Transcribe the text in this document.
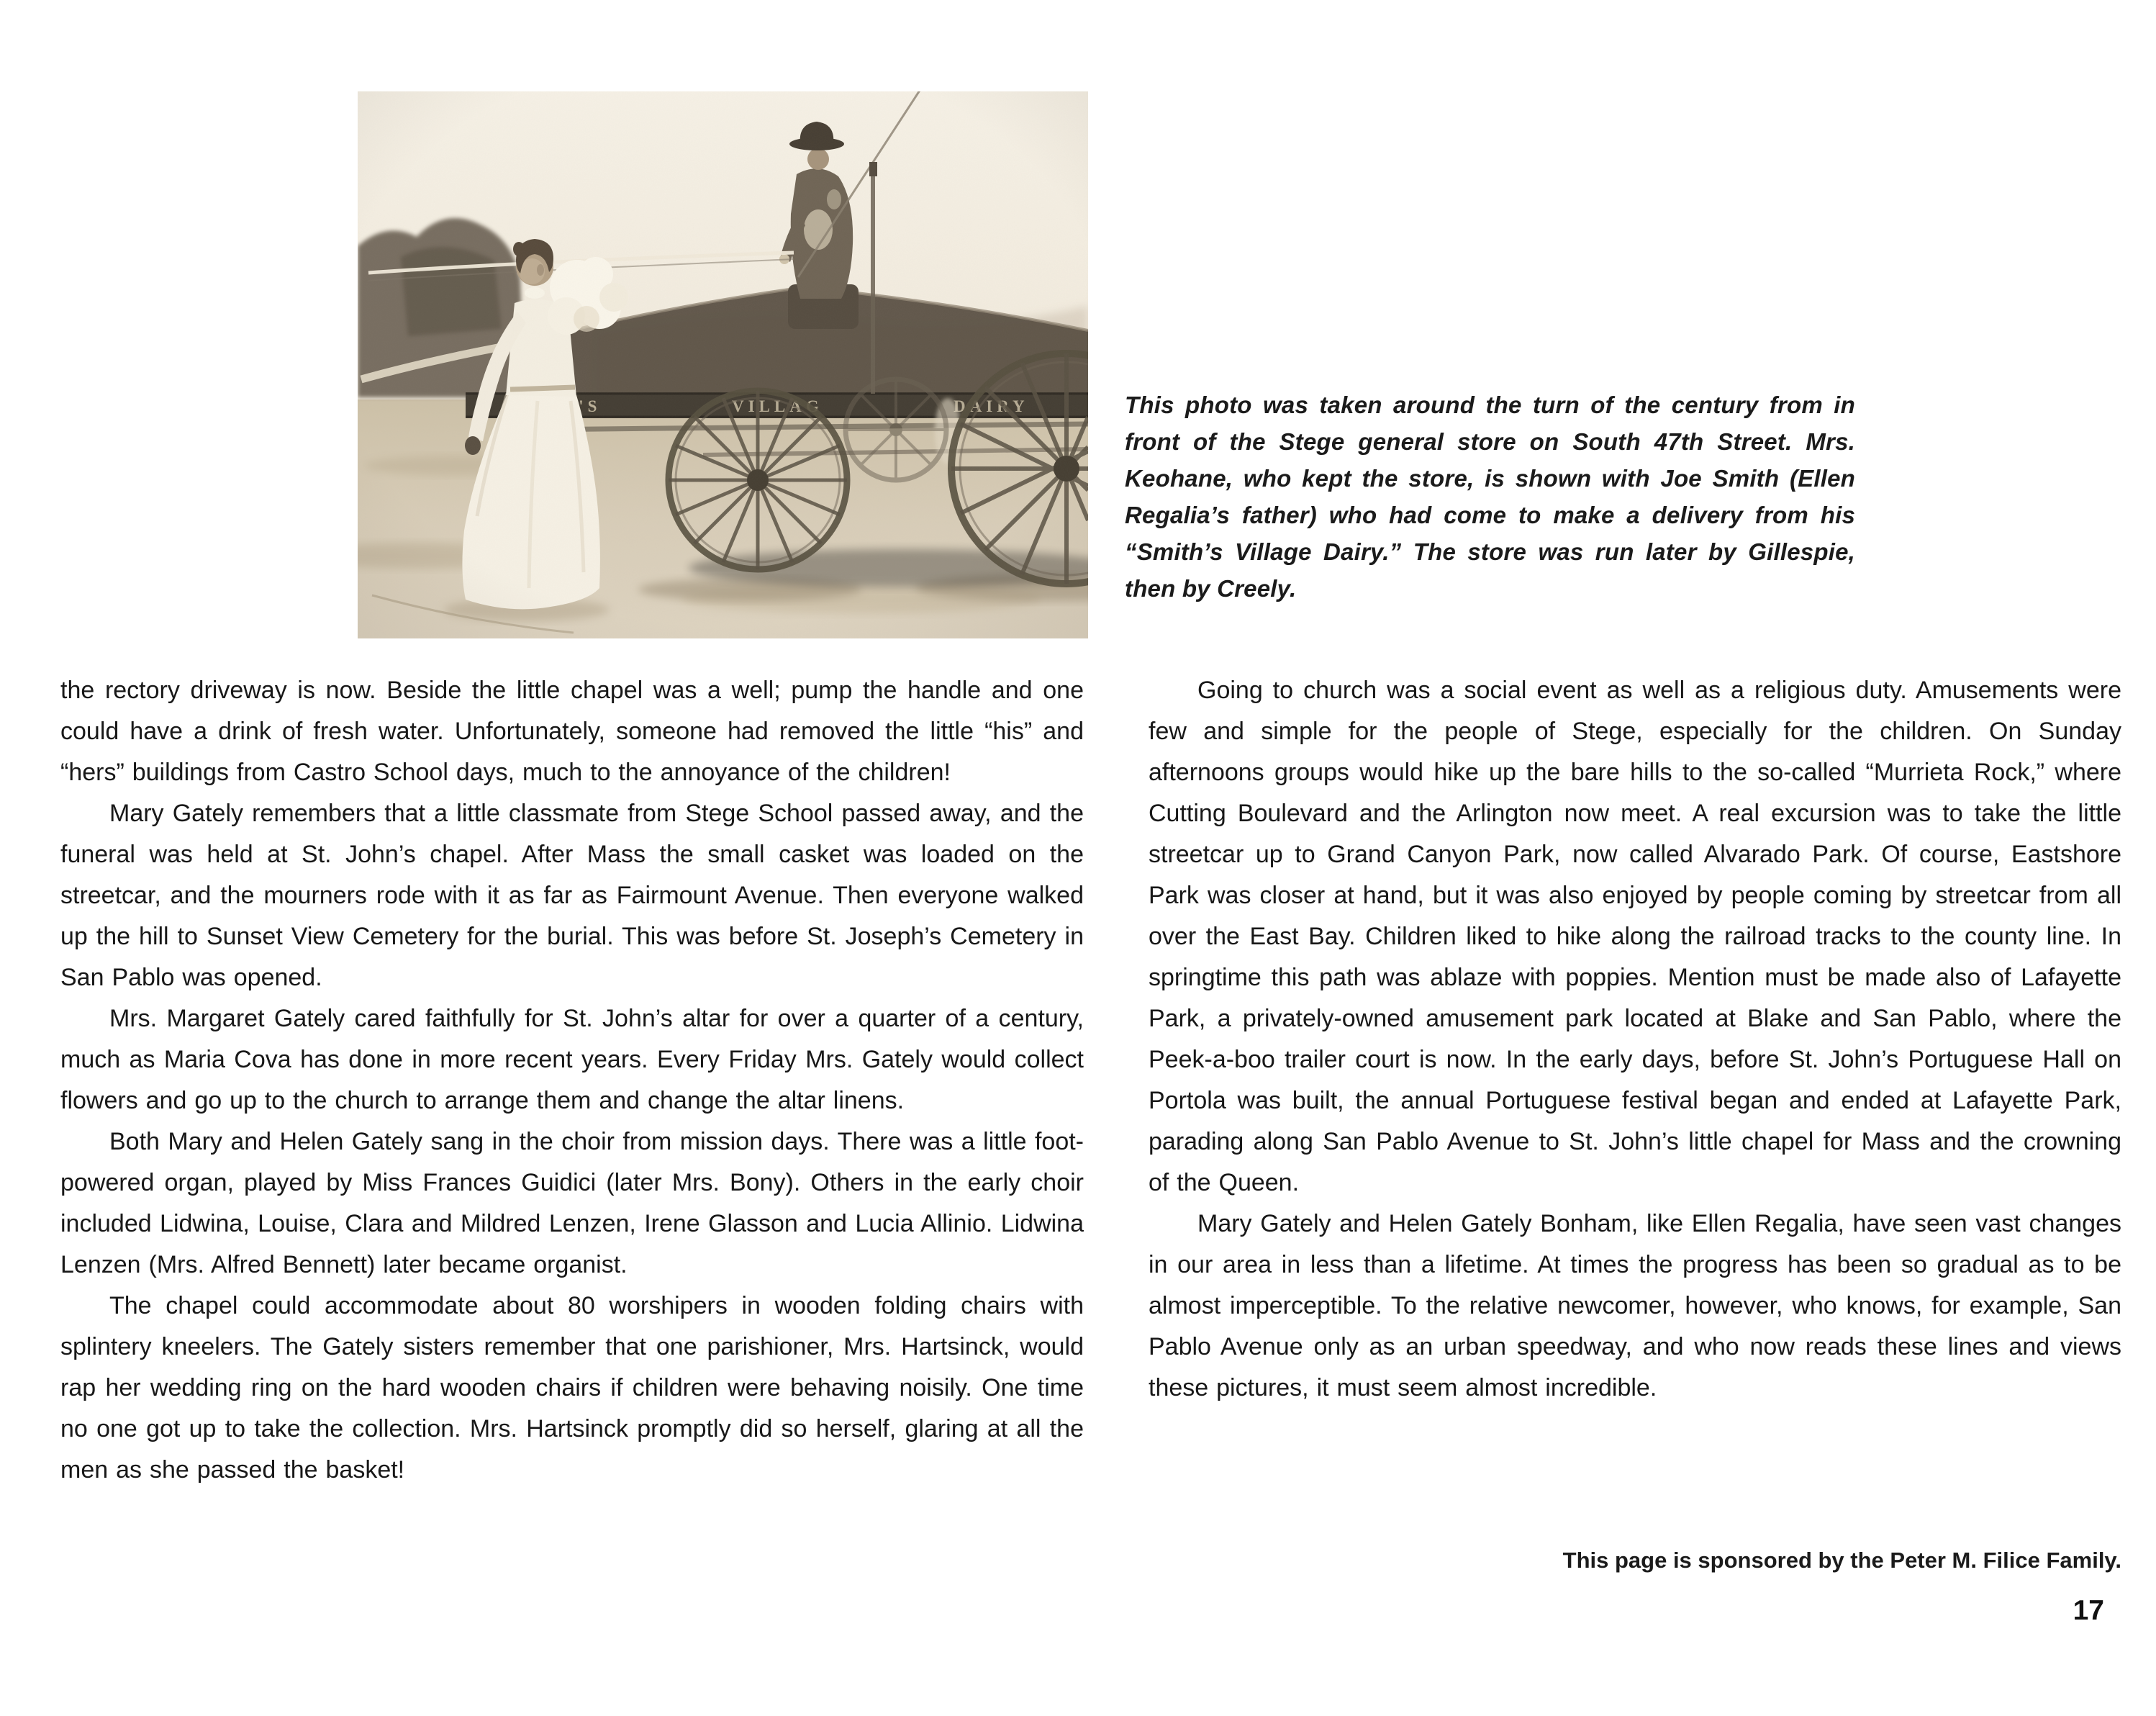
This photo was taken around the turn of the century from in front of the Stege general store on South 47th Street. Mrs. Keohane, who kept the store, is shown with Joe Smith (Ellen Regalia’s father) who had come to make a delivery from his “Smith’s Village Dairy.” The store was run later by Gillespie, then by Creely.

the rectory driveway is now. Beside the little chapel was a well; pump the handle and one could have a drink of fresh water. Unfortunately, someone had removed the little “his” and “hers” buildings from Castro School days, much to the annoyance of the children!

Mary Gately remembers that a little classmate from Stege School passed away, and the funeral was held at St. John’s chapel. After Mass the small casket was loaded on the streetcar, and the mourners rode with it as far as Fairmount Avenue. Then everyone walked up the hill to Sunset View Cemetery for the burial. This was before St. Joseph’s Cemetery in San Pablo was opened.

Mrs. Margaret Gately cared faithfully for St. John’s altar for over a quarter of a century, much as Maria Cova has done in more recent years. Every Friday Mrs. Gately would collect flowers and go up to the church to arrange them and change the altar linens.

Both Mary and Helen Gately sang in the choir from mission days. There was a little foot-powered organ, played by Miss Frances Guidici (later Mrs. Bony). Others in the early choir included Lidwina, Louise, Clara and Mildred Lenzen, Irene Glasson and Lucia Allinio. Lidwina Lenzen (Mrs. Alfred Bennett) later became organist.

The chapel could accommodate about 80 worshipers in wooden folding chairs with splintery kneelers. The Gately sisters remember that one parishioner, Mrs. Hartsinck, would rap her wedding ring on the hard wooden chairs if children were behaving noisily. One time no one got up to take the collection. Mrs. Hartsinck promptly did so herself, glaring at all the men as she passed the basket!

Going to church was a social event as well as a religious duty. Amusements were few and simple for the people of Stege, especially for the children. On Sunday afternoons groups would hike up the bare hills to the so-called “Murrieta Rock,” where Cutting Boulevard and the Arlington now meet. A real excursion was to take the little streetcar up to Grand Canyon Park, now called Alvarado Park. Of course, Eastshore Park was closer at hand, but it was also enjoyed by people coming by streetcar from all over the East Bay. Children liked to hike along the railroad tracks to the county line. In springtime this path was ablaze with poppies. Mention must be made also of Lafayette Park, a privately-owned amusement park located at Blake and San Pablo, where the Peek-a-boo trailer court is now. In the early days, before St. John’s Portuguese Hall on Portola was built, the annual Portuguese festival began and ended at Lafayette Park, parading along San Pablo Avenue to St. John’s little chapel for Mass and the crowning of the Queen.

Mary Gately and Helen Gately Bonham, like Ellen Regalia, have seen vast changes in our area in less than a lifetime. At times the progress has been so gradual as to be almost imperceptible. To the relative newcomer, however, who knows, for example, San Pablo Avenue only as an urban speedway, and who now reads these lines and views these pictures, it must seem almost incredible.

This page is sponsored by the Peter M. Filice Family.
17
